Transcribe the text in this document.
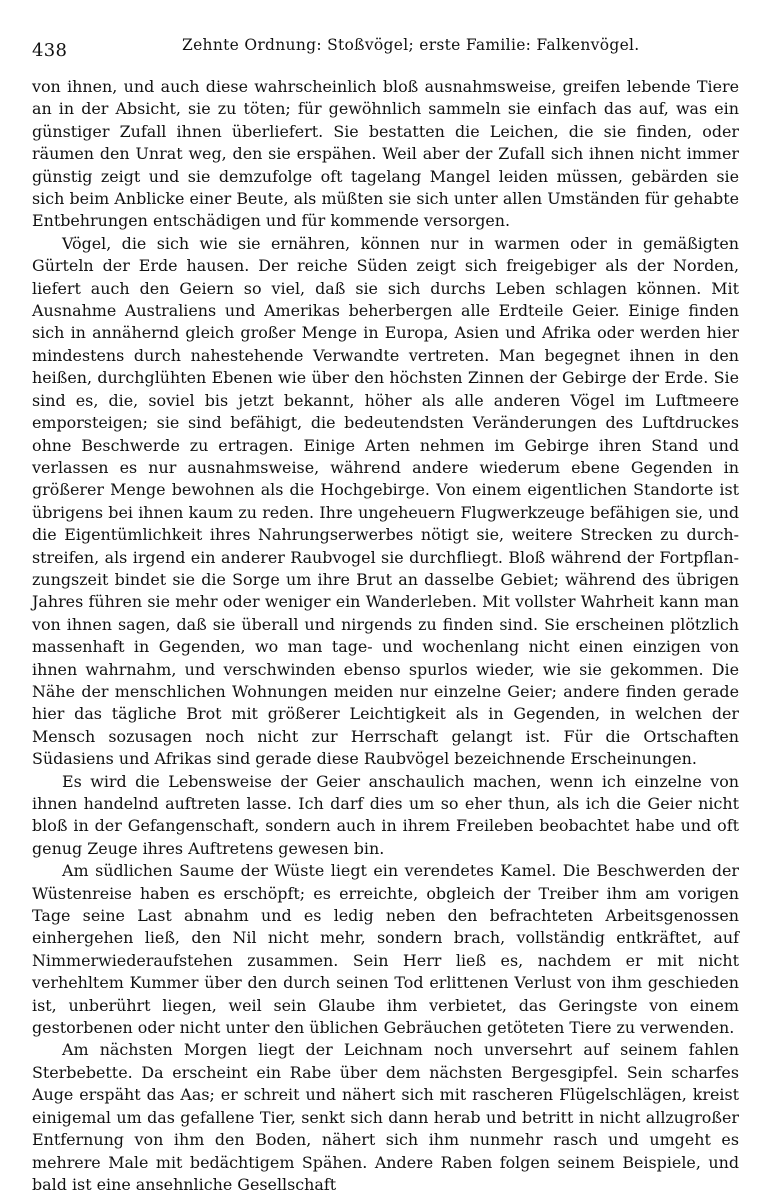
438	Zehnte Ordnung: Stoßvögel; erste Familie: Falkenvögel.

von ihnen, und auch diese wahrscheinlich bloß ausnahmsweise, greifen lebende Tiere an in der Absicht, sie zu töten; für gewöhnlich sammeln sie einfach das auf, was ein günstiger Zufall ihnen überliefert. Sie bestatten die Leichen, die sie finden, oder räumen den Unrat weg, den sie erspähen. Weil aber der Zufall sich ihnen nicht immer günstig zeigt und sie demzufolge oft tagelang Mangel leiden müssen, gebärden sie sich beim Anblicke einer Beute, als müßten sie sich unter allen Umständen für gehabte Entbehrungen entschädigen und für kommende versorgen.

Vögel, die sich wie sie ernähren, können nur in warmen oder in gemäßigten Gürteln der Erde hausen. Der reiche Süden zeigt sich freigebiger als der Norden, liefert auch den Geiern so viel, daß sie sich durchs Leben schlagen können. Mit Ausnahme Australiens und Amerikas beherbergen alle Erdteile Geier. Einige finden sich in annähernd gleich großer Menge in Europa, Asien und Afrika oder werden hier mindestens durch nahestehende Verwandte vertreten. Man begegnet ihnen in den heißen, durchglühten Ebenen wie über den höchsten Zinnen der Gebirge der Erde. Sie sind es, die, soviel bis jetzt bekannt, höher als alle anderen Vögel im Luftmeere emporsteigen; sie sind befähigt, die bedeutendsten Veränderungen des Luftdruckes ohne Beschwerde zu ertragen. Einige Arten nehmen im Gebirge ihren Stand und verlassen es nur ausnahmsweise, während andere wiederum ebene Gegenden in größerer Menge bewohnen als die Hochgebirge. Von einem eigentlichen Standorte ist übrigens bei ihnen kaum zu reden. Ihre ungeheuern Flugwerkzeuge befähigen sie, und die Eigentümlichkeit ihres Nahrungserwerbes nötigt sie, weitere Strecken zu durchstreifen, als irgend ein anderer Raubvogel sie durchfliegt. Bloß während der Fortpflanzungszeit bindet sie die Sorge um ihre Brut an dasselbe Gebiet; während des übrigen Jahres führen sie mehr oder weniger ein Wanderleben. Mit vollster Wahrheit kann man von ihnen sagen, daß sie überall und nirgends zu finden sind. Sie erscheinen plötzlich massenhaft in Gegenden, wo man tage- und wochenlang nicht einen einzigen von ihnen wahrnahm, und verschwinden ebenso spurlos wieder, wie sie gekommen. Die Nähe der menschlichen Wohnungen meiden nur einzelne Geier; andere finden gerade hier das tägliche Brot mit größerer Leichtigkeit als in Gegenden, in welchen der Mensch sozusagen noch nicht zur Herrschaft gelangt ist. Für die Ortschaften Südasiens und Afrikas sind gerade diese Raubvögel bezeichnende Erscheinungen.

Es wird die Lebensweise der Geier anschaulich machen, wenn ich einzelne von ihnen handelnd auftreten lasse. Ich darf dies um so eher thun, als ich die Geier nicht bloß in der Gefangenschaft, sondern auch in ihrem Freileben beobachtet habe und oft genug Zeuge ihres Auftretens gewesen bin.

Am südlichen Saume der Wüste liegt ein verendetes Kamel. Die Beschwerden der Wüstenreise haben es erschöpft; es erreichte, obgleich der Treiber ihm am vorigen Tage seine Last abnahm und es ledig neben den befrachteten Arbeitsgenossen einhergehen ließ, den Nil nicht mehr, sondern brach, vollständig entkräftet, auf Nimmerwiederaufstehen zusammen. Sein Herr ließ es, nachdem er mit nicht verhehltem Kummer über den durch seinen Tod erlittenen Verlust von ihm geschieden ist, unberührt liegen, weil sein Glaube ihm verbietet, das Geringste von einem gestorbenen oder nicht unter den üblichen Gebräuchen getöteten Tiere zu verwenden.

Am nächsten Morgen liegt der Leichnam noch unversehrt auf seinem fahlen Sterbebette. Da erscheint ein Rabe über dem nächsten Bergesgipfel. Sein scharfes Auge erspäht das Aas; er schreit und nähert sich mit rascheren Flügelschlägen, kreist einigemal um das gefallene Tier, senkt sich dann herab und betritt in nicht allzugroßer Entfernung von ihm den Boden, nähert sich ihm nunmehr rasch und umgeht es mehrere Male mit bedächtigem Spähen. Andere Raben folgen seinem Beispiele, und bald ist eine ansehnliche Gesellschaft
